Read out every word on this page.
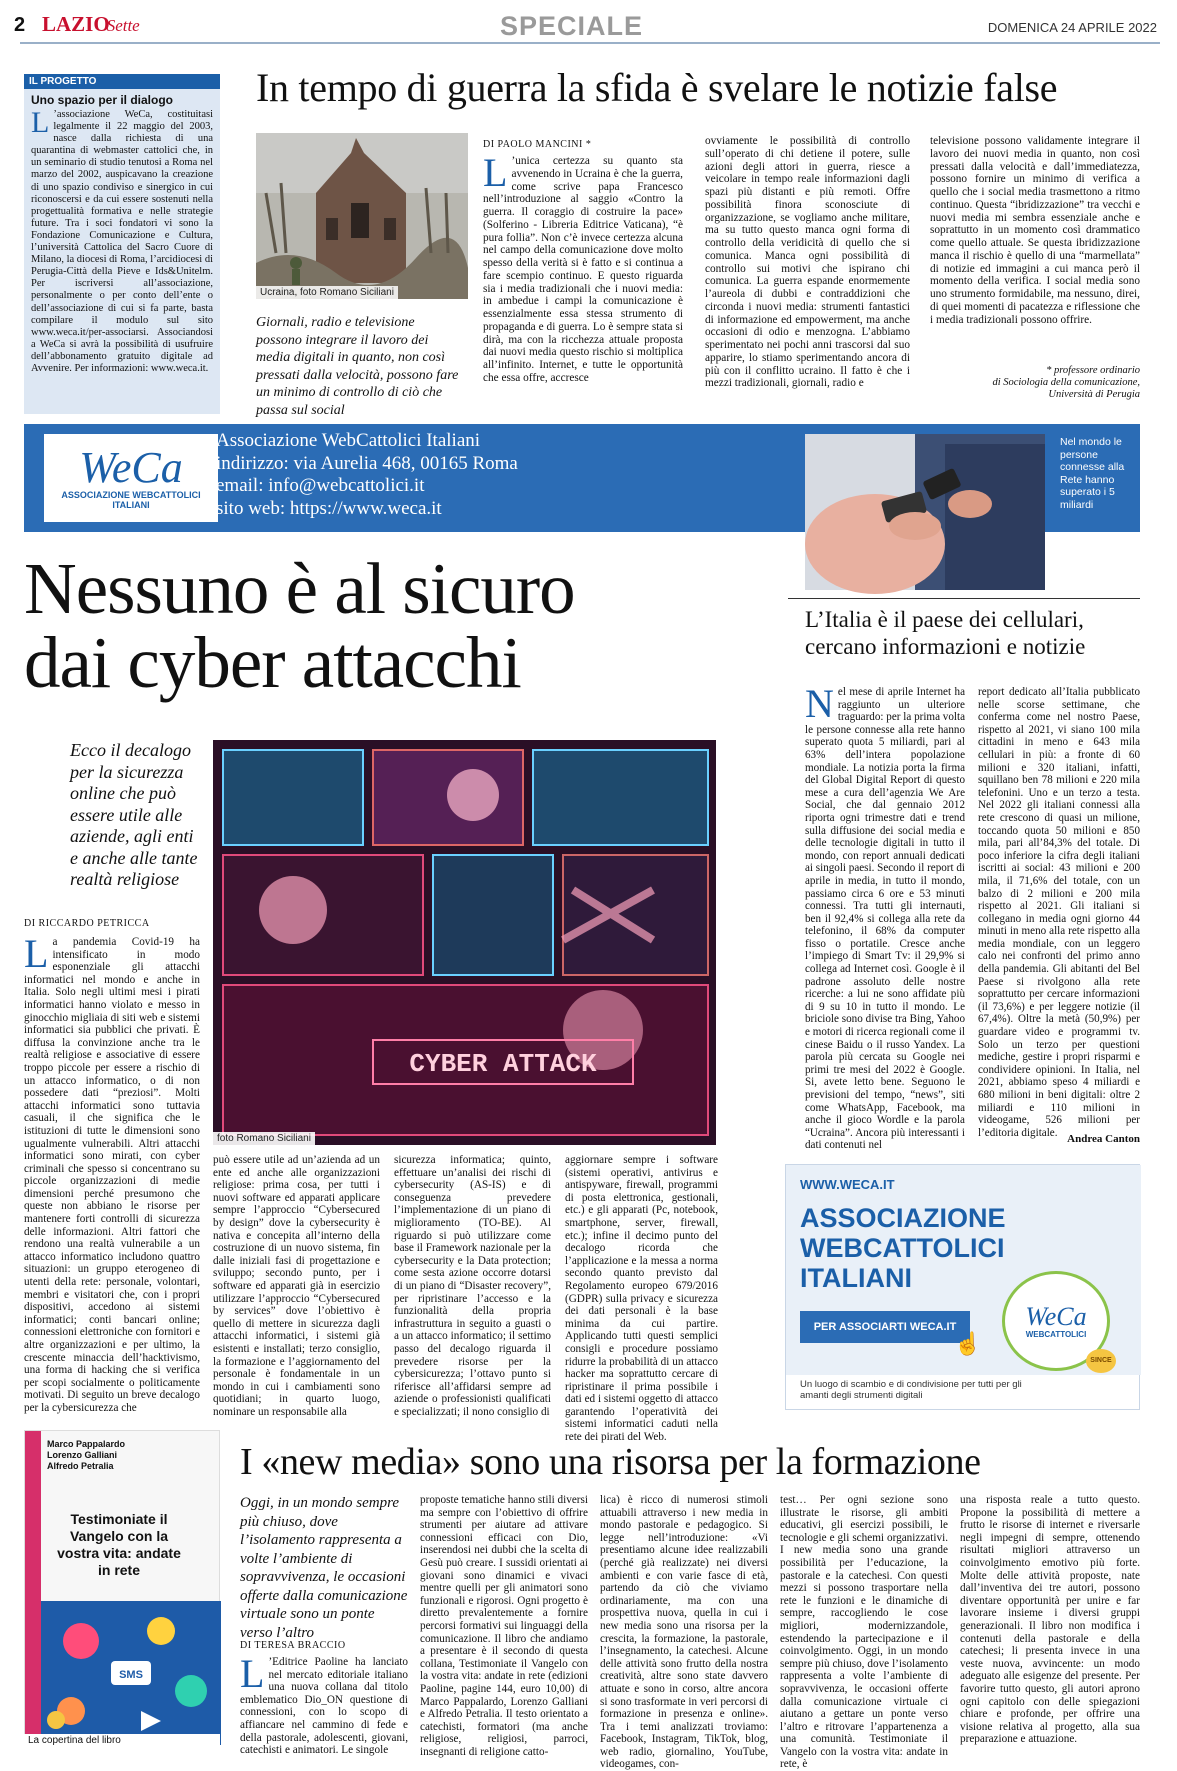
2 LAZIOSette	SPECIALE	DOMENICA 24 APRILE 2022
IL PROGETTO
Uno spazio per il dialogo
L ’associazione WeCa, costituitasi legalmente il 22 maggio del 2003, nasce dalla richiesta di una quarantina di webmaster cattolici che, in un seminario di studio tenutosi a Roma nel marzo del 2002, auspicavano la creazione di uno spazio condiviso e sinergico in cui riconoscersi e da cui essere sostenuti nella progettualità formativa e nelle strategie future. Tra i soci fondatori vi sono la Fondazione Comunicazione e Cultura, l’università Cattolica del Sacro Cuore di Milano, la diocesi di Roma, l’arcidiocesi di Perugia-Città della Pieve e Ids&Unitelm. Per iscriversi all’associazione, personalmente o per conto dell’ente o dell’associazione di cui si fa parte, basta compilare il modulo sul sito www.weca.it/per-associarsi. Associandosi a WeCa si avrà la possibilità di usufruire dell’abbonamento gratuito digitale ad Avvenire. Per informazioni: www.weca.it.
In tempo di guerra la sfida è svelare le notizie false
Ucraina, foto Romano Siciliani
Giornali, radio e televisione possono integrare il lavoro dei media digitali in quanto, non così pressati dalla velocità, possono fare un minimo di controllo di ciò che passa sul social
DI PAOLO MANCINI *
L ’unica certezza su quanto sta avvenendo in Ucraina è che la guerra, come scrive papa Francesco nell’introduzione al saggio «Contro la guerra. Il coraggio di costruire la pace» (Solferino - Libreria Editrice Vaticana), “è pura follia”. Non c’è invece certezza alcuna nel campo della comunicazione dove molto spesso della verità si è fatto e si continua a fare scempio continuo. E questo riguarda sia i media tradizionali che i nuovi media: in ambedue i campi la comunicazione è essenzialmente essa stessa strumento di propaganda e di guerra. Lo è sempre stata si dirà, ma con la ricchezza attuale proposta dai nuovi media questo rischio si moltiplica all’infinito. Internet, e tutte le opportunità che essa offre, accresce
ovviamente le possibilità di controllo sull’operato di chi detiene il potere, sulle azioni degli attori in guerra, riesce a veicolare in tempo reale informazioni dagli spazi più distanti e più remoti. Offre possibilità finora sconosciute di organizzazione, se vogliamo anche militare, ma su tutto questo manca ogni forma di controllo della veridicità di quello che si comunica. Manca ogni possibilità di controllo sui motivi che ispirano chi comunica. La guerra espande enormemente l’aureola di dubbi e contraddizioni che circonda i nuovi media: strumenti fantastici di informazione ed empowerment, ma anche occasioni di odio e menzogna. L’abbiamo sperimentato nei pochi anni trascorsi dal suo apparire, lo stiamo sperimentando ancora di più con il conflitto ucraino. Il fatto è che i mezzi tradizionali, giornali, radio e
televisione possono validamente integrare il lavoro dei nuovi media in quanto, non così pressati dalla velocità e dall’immediatezza, possono fornire un minimo di verifica a quello che i social media trasmettono a ritmo continuo. Questa “ibridizzazione” tra vecchi e nuovi media mi sembra essenziale anche e soprattutto in un momento così drammatico come quello attuale. Se questa ibridizzazione manca il rischio è quello di una “marmellata” di notizie ed immagini a cui manca però il momento della verifica. I social media sono uno strumento formidabile, ma nessuno, direi, di quei momenti di pacatezza e riflessione che i media tradizionali possono offrire.
* professore ordinario
di Sociologia della comunicazione,
Università di Perugia
WeCa
ASSOCIAZIONE WEBCATTOLICI ITALIANI
Associazione WebCattolici Italiani
indirizzo: via Aurelia 468, 00165 Roma
email: info@webcattolici.it
sito web: https://www.weca.it
Nel mondo le persone connesse alla Rete hanno superato i 5 miliardi
Nessuno è al sicuro
dai cyber attacchi
Ecco il decalogo per la sicurezza online che può essere utile alle aziende, agli enti e anche alle tante realtà religiose
CYBER ATTACK
foto Romano Siciliani
DI RICCARDO PETRICCA
La pandemia Covid-19 ha intensificato in modo esponenziale gli attacchi informatici nel mondo e anche in Italia. Solo negli ultimi mesi i pirati informatici hanno violato e messo in ginocchio migliaia di siti web e sistemi informatici sia pubblici che privati. È diffusa la convinzione anche tra le realtà religiose e associative di essere troppo piccole per essere a rischio di un attacco informatico, o di non possedere dati “preziosi”. Molti attacchi informatici sono tuttavia casuali, il che significa che le istituzioni di tutte le dimensioni sono ugualmente vulnerabili. Altri attacchi informatici sono mirati, con cyber criminali che spesso si concentrano su piccole organizzazioni di medie dimensioni perché presumono che queste non abbiano le risorse per mantenere forti controlli di sicurezza delle informazioni. Altri fattori che rendono una realtà vulnerabile a un attacco informatico includono quattro situazioni: un gruppo eterogeneo di utenti della rete: personale, volontari, membri e visitatori che, con i propri dispositivi, accedono ai sistemi informatici; conti bancari online; connessioni elettroniche con fornitori e altre organizzazioni e per ultimo, la crescente minaccia dell’hacktivismo, una forma di hacking che si verifica per scopi socialmente o politicamente motivati. Di seguito un breve decalogo per la cybersicurezza che
può essere utile ad un’azienda ad un ente ed anche alle organizzazioni religiose: prima cosa, per tutti i nuovi software ed apparati applicare sempre l’approccio “Cybersecured by design” dove la cybersecurity è nativa e concepita all’interno della costruzione di un nuovo sistema, fin dalle iniziali fasi di progettazione e sviluppo; secondo punto, per i software ed apparati già in esercizio utilizzare l’approccio “Cybersecured by services” dove l’obiettivo è quello di mettere in sicurezza dagli attacchi informatici, i sistemi già esistenti e installati; terzo consiglio, la formazione e l’aggiornamento del personale è fondamentale in un mondo in cui i cambiamenti sono quotidiani; in quarto luogo, nominare un responsabile alla
sicurezza informatica; quinto, effettuare un’analisi dei rischi di cybersecurity (AS-IS) e di conseguenza prevedere l’implementazione di un piano di miglioramento (TO-BE). Al riguardo si può utilizzare come base il Framework nazionale per la cybersecurity e la Data protection; come sesta azione occorre dotarsi di un piano di “Disaster recovery”, per ripristinare l’accesso e la funzionalità della propria infrastruttura in seguito a guasti o a un attacco informatico; il settimo passo del decalogo riguarda il prevedere risorse per la cybersicurezza; l’ottavo punto si riferisce all’affidarsi sempre ad aziende o professionisti qualificati e specializzati; il nono consiglio di
aggiornare sempre i software (sistemi operativi, antivirus e antispyware, firewall, programmi di posta elettronica, gestionali, etc.) e gli apparati (Pc, notebook, smartphone, server, firewall, etc.); infine il decimo punto del decalogo ricorda che l’applicazione e la messa a norma secondo quanto previsto dal Regolamento europeo 679/2016 (GDPR) sulla privacy e sicurezza dei dati personali è la base minima da cui partire. Applicando tutti questi semplici consigli e procedure possiamo ridurre la probabilità di un attacco hacker ma soprattutto cercare di ripristinare il prima possibile i dati ed i sistemi oggetto di attacco garantendo l’operatività dei sistemi informatici caduti nella rete dei pirati del Web.
L’Italia è il paese dei cellulari,
cercano informazioni e notizie
Nel mese di aprile Internet ha raggiunto un ulteriore traguardo: per la prima volta le persone connesse alla rete hanno superato quota 5 miliardi, pari al 63% dell’intera popolazione mondiale. La notizia porta la firma del Global Digital Report di questo mese a cura dell’agenzia We Are Social, che dal gennaio 2012 riporta ogni trimestre dati e trend sulla diffusione dei social media e delle tecnologie digitali in tutto il mondo, con report annuali dedicati ai singoli paesi. Secondo il report di aprile in media, in tutto il mondo, passiamo circa 6 ore e 53 minuti connessi. Tra tutti gli internauti, ben il 92,4% si collega alla rete da telefonino, il 68% da computer fisso o portatile. Cresce anche l’impiego di Smart Tv: il 29,9% si collega ad Internet così. Google è il padrone assoluto delle nostre ricerche: a lui ne sono affidate più di 9 su 10 in tutto il mondo. Le briciole sono divise tra Bing, Yahoo e motori di ricerca regionali come il cinese Baidu o il russo Yandex. La parola più cercata su Google nei primi tre mesi del 2022 è Google. Si, avete letto bene. Seguono le previsioni del tempo, “news”, siti come WhatsApp, Facebook, ma anche il gioco Wordle e la parola “Ucraina”. Ancora più interessanti i dati contenuti nel
report dedicato all’Italia pubblicato nelle scorse settimane, che conferma come nel nostro Paese, rispetto al 2021, vi siano 100 mila cittadini in meno e 643 mila cellulari in più: a fronte di 60 milioni e 320 italiani, infatti, squillano ben 78 milioni e 220 mila telefonini. Uno e un terzo a testa. Nel 2022 gli italiani connessi alla rete crescono di quasi un milione, toccando quota 50 milioni e 850 mila, pari all’84,3% del totale. Di poco inferiore la cifra degli italiani iscritti ai social: 43 milioni e 200 mila, il 71,6% del totale, con un balzo di 2 milioni e 200 mila rispetto al 2021. Gli italiani si collegano in media ogni giorno 44 minuti in meno alla rete rispetto alla media mondiale, con un leggero calo nei confronti del primo anno della pandemia. Gli abitanti del Bel Paese si rivolgono alla rete soprattutto per cercare informazioni (il 73,6%) e per leggere notizie (il 67,4%). Oltre la metà (50,9%) per guardare video e programmi tv. Solo un terzo per questioni mediche, gestire i propri risparmi e condividere opinioni. In Italia, nel 2021, abbiamo speso 4 miliardi e 680 milioni in beni digitali: oltre 2 miliardi e 110 milioni in videogame, 526 milioni per l’editoria digitale.
Andrea Canton
WWW.WECA.IT
ASSOCIAZIONE
WEBCATTOLICI
ITALIANI
PER ASSOCIARTI WECA.IT
☝
WeCa
WEBCATTOLICI
SINCE
Un luogo di scambio e di condivisione per tutti per gli amanti degli strumenti digitali
Marco Pappalardo
Lorenzo Galliani
Alfredo Petralia
Testimoniate il Vangelo con la vostra vita: andate in rete
SMS
La copertina del libro
I «new media» sono una risorsa per la formazione
Oggi, in un mondo sempre più chiuso, dove l’isolamento rappresenta a volte l’ambiente di sopravvivenza, le occasioni offerte dalla comunicazione virtuale sono un ponte verso l’altro
DI TERESA BRACCIO
L ’Editrice Paoline ha lanciato nel mercato editoriale italiano una nuova collana dal titolo emblematico Dio_ON questione di connessioni, con lo scopo di affiancare nel cammino di fede e della pastorale, adolescenti, giovani, catechisti e animatori. Le singole
proposte tematiche hanno stili diversi ma sempre con l’obiettivo di offrire strumenti per aiutare ad attivare connessioni efficaci con Dio, inserendosi nei dubbi che la scelta di Gesù può creare. I sussidi orientati ai giovani sono dinamici e vivaci mentre quelli per gli animatori sono funzionali e rigorosi. Ogni progetto è diretto prevalentemente a fornire percorsi formativi sui linguaggi della comunicazione. Il libro che andiamo a presentare è il secondo di questa collana, Testimoniate il Vangelo con la vostra vita: andate in rete (edizioni Paoline, pagine 144, euro 10,00) di Marco Pappalardo, Lorenzo Galliani e Alfredo Petralia. Il testo orientato a catechisti, formatori (ma anche religiose, religiosi, parroci, insegnanti di religione catto-
lica) è ricco di numerosi stimoli attuabili attraverso i new media in mondo pastorale e pedagogico. Si legge nell’introduzione: «Vi presentiamo alcune idee realizzabili (perché già realizzate) nei diversi ambienti e con varie fasce di età, partendo da ciò che viviamo ordinariamente, ma con una prospettiva nuova, quella in cui i new media sono una risorsa per la crescita, la formazione, la pastorale, l’insegnamento, la catechesi. Alcune delle attività sono frutto della nostra creatività, altre sono state davvero attuate e sono in corso, altre ancora si sono trasformate in veri percorsi di formazione in presenza e online». Tra i temi analizzati troviamo: Facebook, Instagram, TikTok, blog, web radio, giornalino, YouTube, videogames, con-
test… Per ogni sezione sono illustrate le risorse, gli ambiti educativi, gli esercizi possibili, le tecnologie e gli schemi organizzativi. I new media sono una grande possibilità per l’educazione, la pastorale e la catechesi. Con questi mezzi si possono trasportare nella rete le funzioni e le dinamiche di sempre, raccogliendo le cose migliori, modernizzandole, estendendo la partecipazione e il coinvolgimento. Oggi, in un mondo sempre più chiuso, dove l’isolamento rappresenta a volte l’ambiente di sopravvivenza, le occasioni offerte dalla comunicazione virtuale ci aiutano a gettare un ponte verso l’altro e ritrovare l’appartenenza a una comunità. Testimoniate il Vangelo con la vostra vita: andate in rete, è
una risposta reale a tutto questo. Propone la possibilità di mettere a frutto le risorse di internet e riversarle negli impegni di sempre, ottenendo risultati migliori attraverso un coinvolgimento emotivo più forte. Molte delle attività proposte, nate dall’inventiva dei tre autori, possono diventare opportunità per unire e far lavorare insieme i diversi gruppi generazionali. Il libro non modifica i contenuti della pastorale e della catechesi; li presenta invece in una veste nuova, avvincente: un modo adeguato alle esigenze del presente. Per favorire tutto questo, gli autori aprono ogni capitolo con delle spiegazioni chiare e profonde, per offrire una visione relativa al progetto, alla sua preparazione e attuazione.
